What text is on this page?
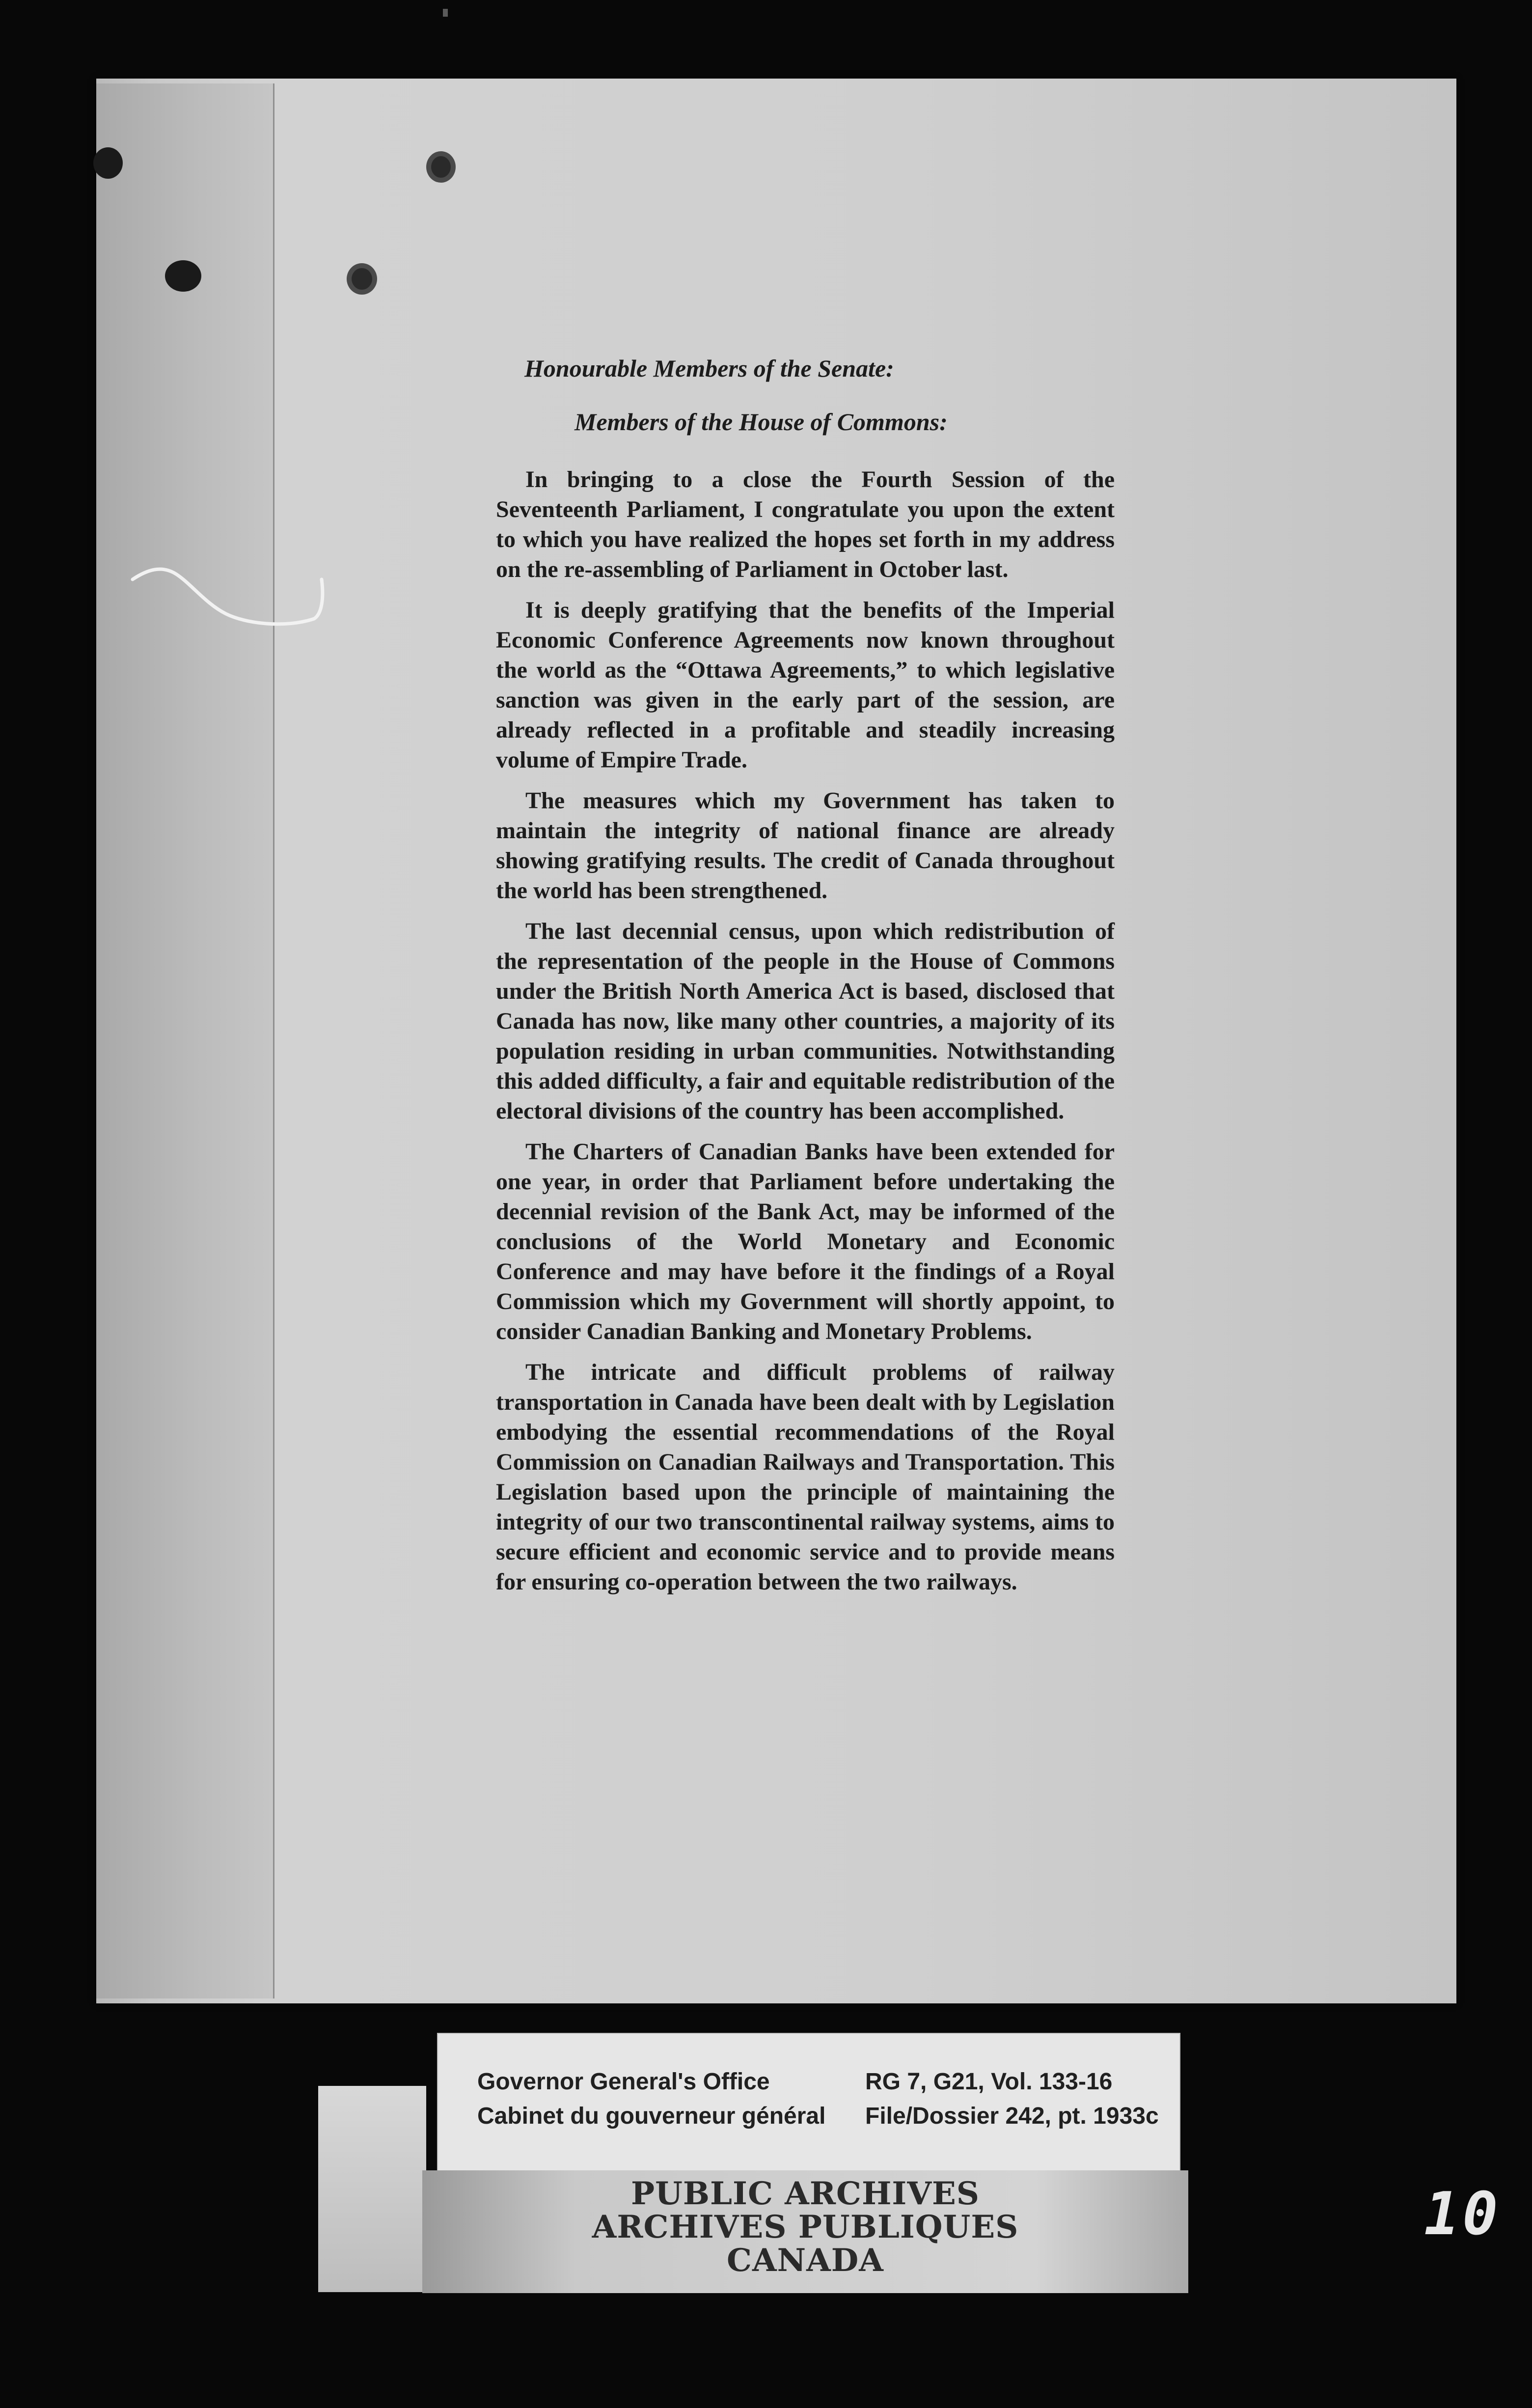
Honourable Members of the Senate:
Members of the House of Commons:

In bringing to a close the Fourth Session of the Seventeenth Parliament, I congratulate you upon the extent to which you have realized the hopes set forth in my address on the re-assembling of Parliament in October last.

It is deeply gratifying that the benefits of the Imperial Economic Conference Agreements now known throughout the world as the “Ottawa Agreements,” to which legislative sanction was given in the early part of the session, are already reflected in a profitable and steadily increasing volume of Empire Trade.

The measures which my Government has taken to maintain the integrity of national finance are already showing gratifying results. The credit of Canada throughout the world has been strengthened.

The last decennial census, upon which redistribution of the representation of the people in the House of Commons under the British North America Act is based, disclosed that Canada has now, like many other countries, a majority of its population residing in urban communities. Notwithstanding this added difficulty, a fair and equitable redistribution of the electoral divisions of the country has been accomplished.

The Charters of Canadian Banks have been extended for one year, in order that Parliament before undertaking the decennial revision of the Bank Act, may be informed of the conclusions of the World Monetary and Economic Conference and may have before it the findings of a Royal Commission which my Government will shortly appoint, to consider Canadian Banking and Monetary Problems.

The intricate and difficult problems of railway transportation in Canada have been dealt with by Legislation embodying the essential recommendations of the Royal Commission on Canadian Railways and Transportation. This Legislation based upon the principle of maintaining the integrity of our two transcontinental railway systems, aims to secure efficient and economic service and to provide means for ensuring co-operation between the two railways.

Governor General's Office
Cabinet du gouverneur général
RG 7, G21, Vol. 133-16
File/Dossier 242, pt. 1933c
PUBLIC ARCHIVES
ARCHIVES PUBLIQUES
CANADA
10
